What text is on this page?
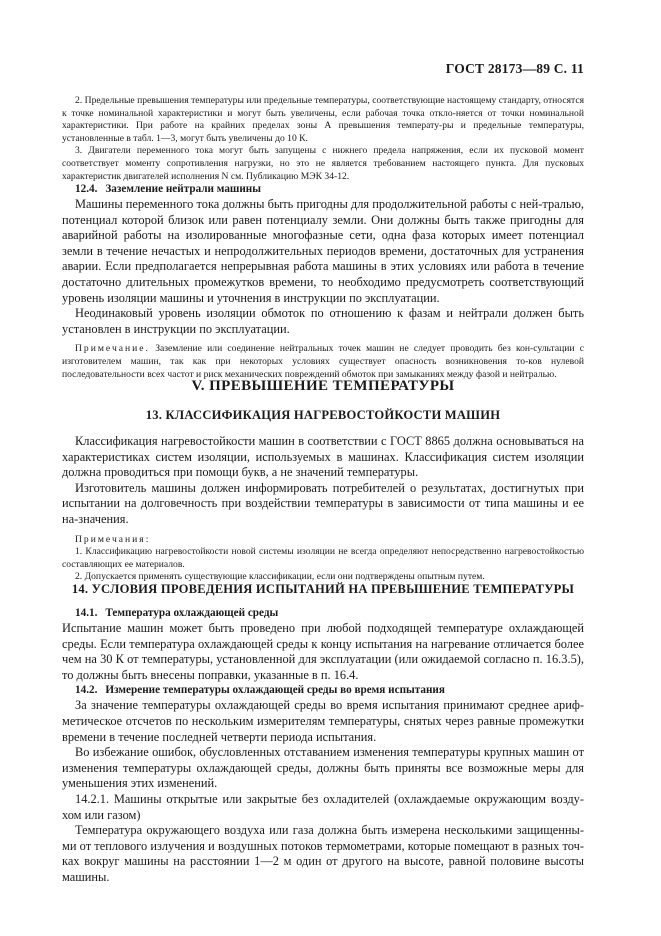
ГОСТ 28173—89 С. 11

2. Предельные превышения температуры или предельные температуры, соответствующие настоящему стандарту, относятся к точке номинальной характеристики и могут быть увеличены, если рабочая точка откло-няется от точки номинальной характеристики. При работе на крайних пределах зоны А превышения температу-ры и предельные температуры, установленные в табл. 1—3, могут быть увеличены до 10 К.

3. Двигатели переменного тока могут быть запущены с нижнего предела напряжения, если их пусковой момент соответствует моменту сопротивления нагрузки, но это не является требованием настоящего пункта. Для пусковых характеристик двигателей исполнения N см. Публикацию МЭК 34-12.

12.4. Заземление нейтрали машины

Машины переменного тока должны быть пригодны для продолжительной работы с ней-тралью, потенциал которой близок или равен потенциалу земли. Они должны быть также пригодны для аварийной работы на изолированные многофазные сети, одна фаза которых имеет потенциал земли в течение нечастых и непродолжительных периодов времени, достаточных для устранения аварии. Если предполагается непрерывная работа машины в этих условиях или работа в течение достаточно длительных промежутков времени, то необходимо предусмотреть соответствующий уровень изоляции машины и уточнения в инструкции по эксплуатации.

Неодинаковый уровень изоляции обмоток по отношению к фазам и нейтрали должен быть установлен в инструкции по эксплуатации.

Примечание. Заземление или соединение нейтральных точек машин не следует проводить без кон-сультации с изготовителем машин, так как при некоторых условиях существует опасность возникновения то-ков нулевой последовательности всех частот и риск механических повреждений обмоток при замыканиях между фазой и нейтралью.

V. ПРЕВЫШЕНИЕ ТЕМПЕРАТУРЫ

13. КЛАССИФИКАЦИЯ НАГРЕВОСТОЙКОСТИ МАШИН

Классификация нагревостойкости машин в соответствии с ГОСТ 8865 должна основываться на характеристиках систем изоляции, используемых в машинах. Классификация систем изоляции должна проводиться при помощи букв, а не значений температуры.

Изготовитель машины должен информировать потребителей о результатах, достигнутых при испытании на долговечность при воздействии температуры в зависимости от типа машины и ее на-значения.

Примечания:

1. Классификацию нагревостойкости новой системы изоляции не всегда определяют непосредственно нагревостойкостью составляющих ее материалов.

2. Допускается применять существующие классификации, если они подтверждены опытным путем.

14. УСЛОВИЯ ПРОВЕДЕНИЯ ИСПЫТАНИЙ НА ПРЕВЫШЕНИЕ ТЕМПЕРАТУРЫ

14.1. Температура охлаждающей среды

Испытание машин может быть проведено при любой подходящей температуре охлаждающей среды. Если температура охлаждающей среды к концу испытания на нагревание отличается более чем на 30 К от температуры, установленной для эксплуатации (или ожидаемой согласно п. 16.3.5), то должны быть внесены поправки, указанные в п. 16.4.

14.2. Измерение температуры охлаждающей среды во время испытания

За значение температуры охлаждающей среды во время испытания принимают среднее ариф-метическое отсчетов по нескольким измерителям температуры, снятых через равные промежутки времени в течение последней четверти периода испытания.

Во избежание ошибок, обусловленных отставанием изменения температуры крупных машин от изменения температуры охлаждающей среды, должны быть приняты все возможные меры для уменьшения этих изменений.

14.2.1. Машины открытые или закрытые без охладителей (охлаждаемые окружающим возду-хом или газом)

Температура окружающего воздуха или газа должна быть измерена несколькими защищенны-ми от теплового излучения и воздушных потоков термометрами, которые помещают в разных точ-ках вокруг машины на расстоянии 1—2 м один от другого на высоте, равной половине высоты машины.
